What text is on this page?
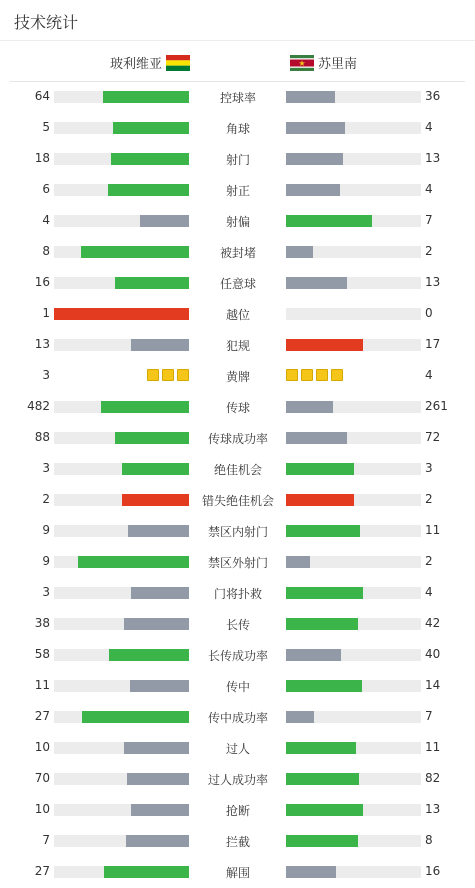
技术统计
玻利维亚	苏里南
64	控球率	36
5	角球	4
18	射门	13
6	射正	4
4	射偏	7
8	被封堵	2
16	任意球	13
1	越位	0
13	犯规	17
3	黄牌	4
482	传球	261
88	传球成功率	72
3	绝佳机会	3
2	错失绝佳机会	2
9	禁区内射门	11
9	禁区外射门	2
3	门将扑救	4
38	长传	42
58	长传成功率	40
11	传中	14
27	传中成功率	7
10	过人	11
70	过人成功率	82
10	抢断	13
7	拦截	8
27	解围	16
